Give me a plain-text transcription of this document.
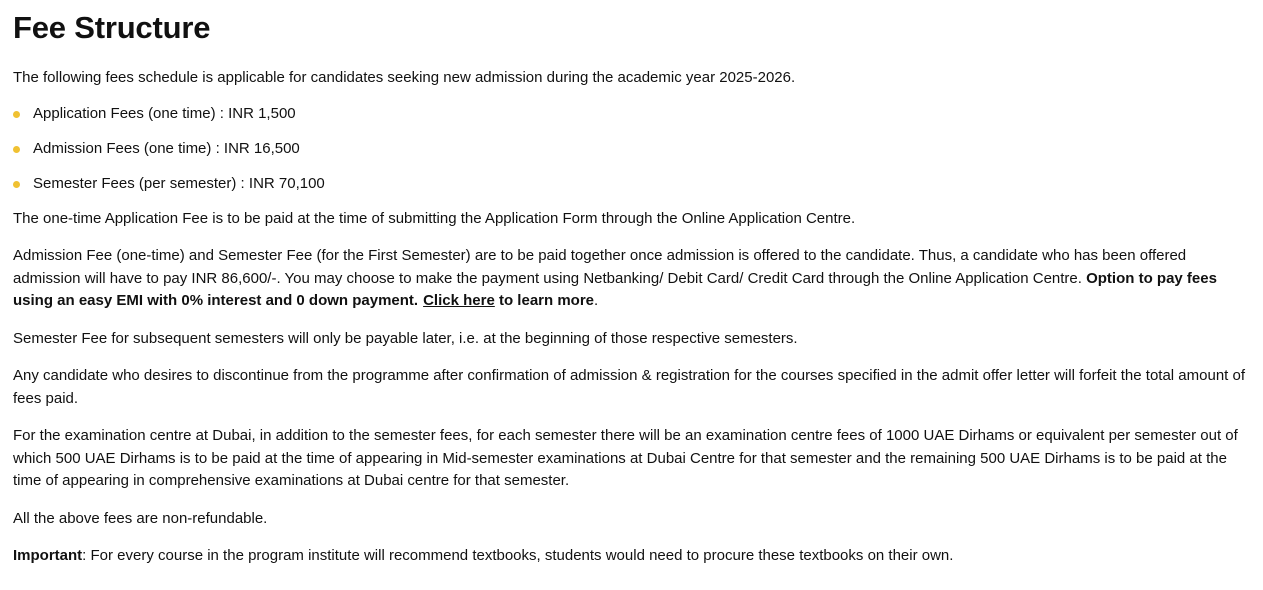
Fee Structure

The following fees schedule is applicable for candidates seeking new admission during the academic year 2025-2026.

Application Fees (one time) : INR 1,500
Admission Fees (one time) : INR 16,500
Semester Fees (per semester) : INR 70,100

The one-time Application Fee is to be paid at the time of submitting the Application Form through the Online Application Centre.

Admission Fee (one-time) and Semester Fee (for the First Semester) are to be paid together once admission is offered to the candidate. Thus, a candidate who has been offered admission will have to pay INR 86,600/-. You may choose to make the payment using Netbanking/ Debit Card/ Credit Card through the Online Application Centre. Option to pay fees using an easy EMI with 0% interest and 0 down payment. Click here to learn more.

Semester Fee for subsequent semesters will only be payable later, i.e. at the beginning of those respective semesters.

Any candidate who desires to discontinue from the programme after confirmation of admission & registration for the courses specified in the admit offer letter will forfeit the total amount of fees paid.

For the examination centre at Dubai, in addition to the semester fees, for each semester there will be an examination centre fees of 1000 UAE Dirhams or equivalent per semester out of which 500 UAE Dirhams is to be paid at the time of appearing in Mid-semester examinations at Dubai Centre for that semester and the remaining 500 UAE Dirhams is to be paid at the time of appearing in comprehensive examinations at Dubai centre for that semester.

All the above fees are non-refundable.

Important: For every course in the program institute will recommend textbooks, students would need to procure these textbooks on their own.
